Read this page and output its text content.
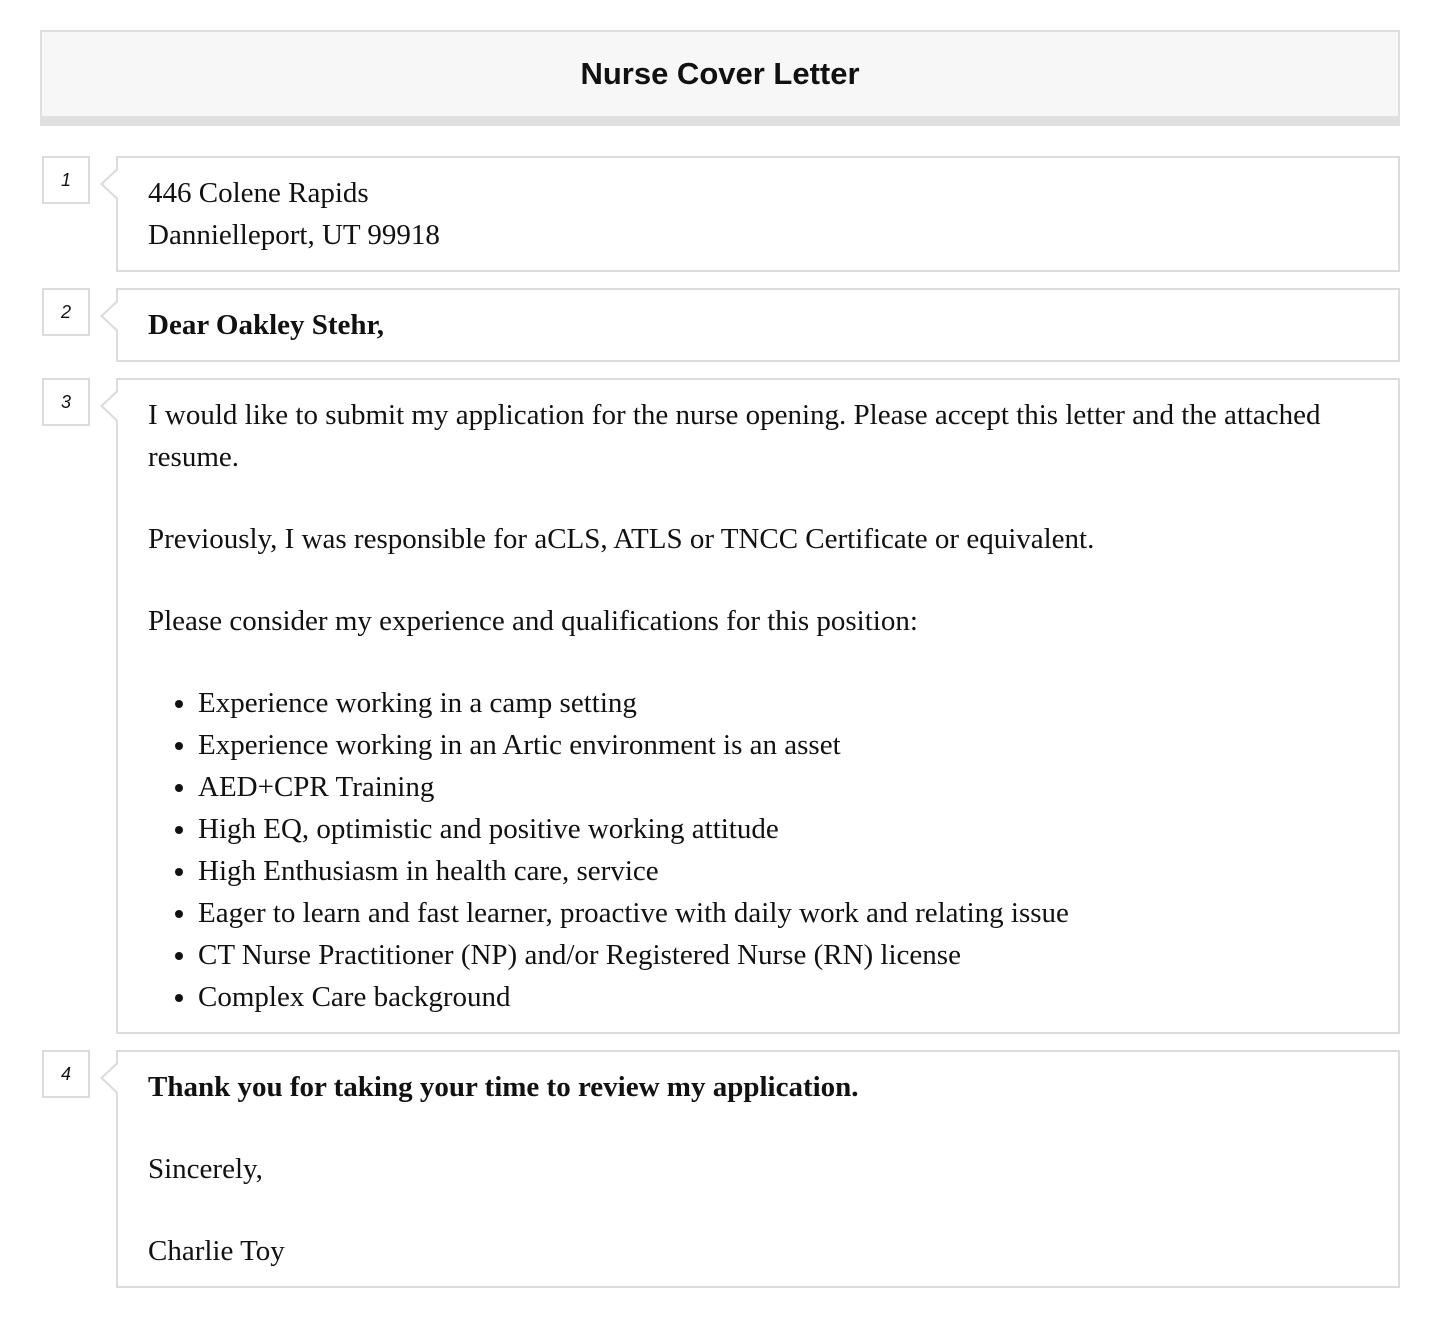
Nurse Cover Letter
1	446 Colene Rapids

Dannielleport, UT 99918

2	Dear Oakley Stehr,

3	I would like to submit my application for the nurse opening. Please accept this letter and the attached resume.

Previously, I was responsible for aCLS, ATLS or TNCC Certificate or equivalent.

Please consider my experience and qualifications for this position:

• Experience working in a camp setting
• Experience working in an Artic environment is an asset
• AED+CPR Training
• High EQ, optimistic and positive working attitude
• High Enthusiasm in health care, service
• Eager to learn and fast learner, proactive with daily work and relating issue
• CT Nurse Practitioner (NP) and/or Registered Nurse (RN) license
• Complex Care background
4	Thank you for taking your time to review my application.

Sincerely,

Charlie Toy
